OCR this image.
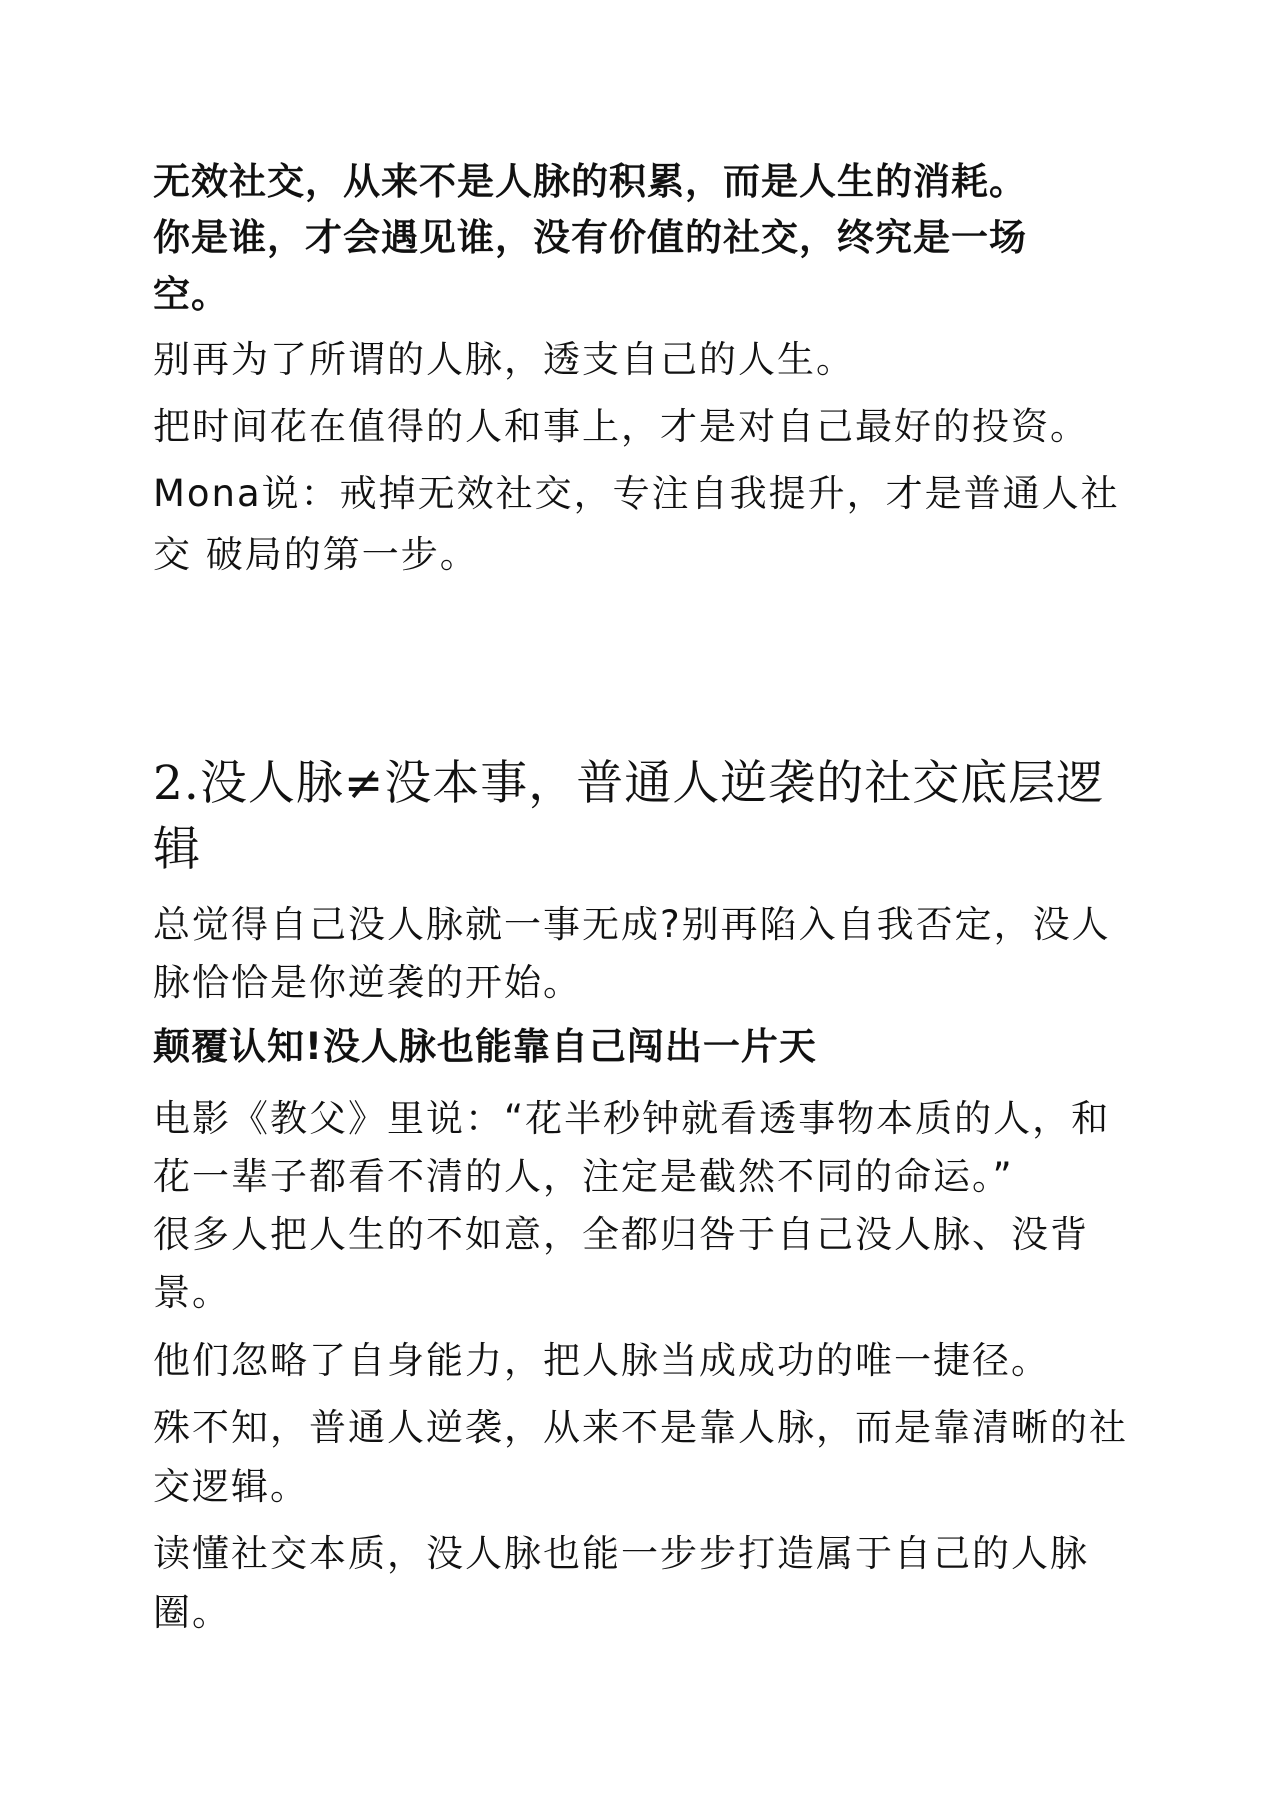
无效社交，从来不是人脉的积累，而是人生的消耗。

你是谁，才会遇见谁，没有价值的社交，终究是一场

空。

别再为了所谓的人脉，透支自己的人生。

把时间花在值得的人和事上，才是对自己最好的投资。

Mona说：戒掉无效社交，专注自我提升，才是普通人社

交 破局的第一步。

2.没人脉≠没本事，普通人逆袭的社交底层逻
辑

总觉得自己没人脉就一事无成?别再陷入自我否定，没人

脉恰恰是你逆袭的开始。

颠覆认知!没人脉也能靠自己闯出一片天

电影《教父》里说：“花半秒钟就看透事物本质的人，和

花一辈子都看不清的人，注定是截然不同的命运。”

很多人把人生的不如意，全都归咎于自己没人脉、没背

景。

他们忽略了自身能力，把人脉当成成功的唯一捷径。

殊不知，普通人逆袭，从来不是靠人脉，而是靠清晰的社

交逻辑。

读懂社交本质，没人脉也能一步步打造属于自己的人脉

圈。
